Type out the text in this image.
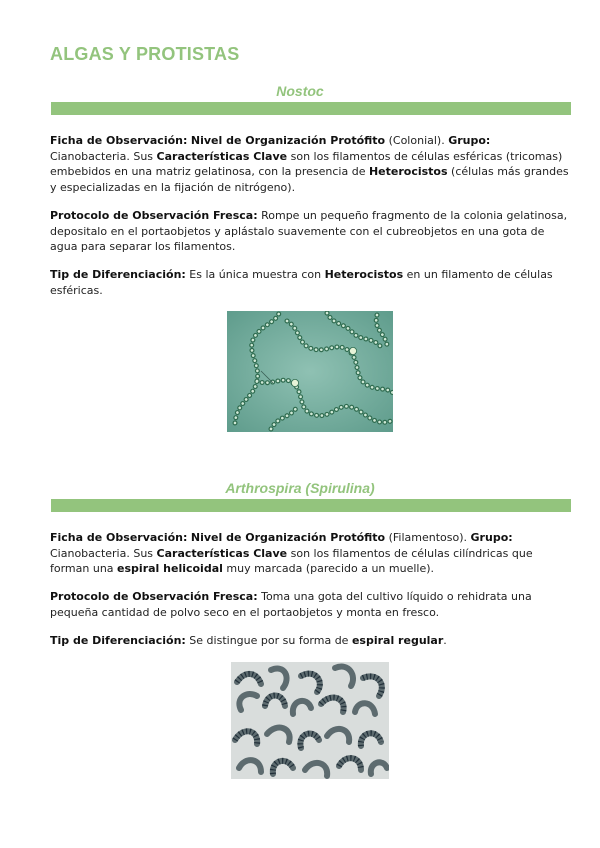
ALGAS Y PROTISTAS
Nostoc

Ficha de Observación: Nivel de Organización Protófito (Colonial). Grupo: Cianobacteria. Sus Características Clave son los filamentos de células esféricas (tricomas) embebidos en una matriz gelatinosa, con la presencia de Heterocistos (células más grandes y especializadas en la fijación de nitrógeno).

Protocolo de Observación Fresca: Rompe un pequeño fragmento de la colonia gelatinosa, depositalo en el portaobjetos y aplástalo suavemente con el cubreobjetos en una gota de agua para separar los filamentos.

Tip de Diferenciación: Es la única muestra con Heterocistos en un filamento de células esféricas.

Arthrospira (Spirulina)

Ficha de Observación: Nivel de Organización Protófito (Filamentoso). Grupo: Cianobacteria. Sus Características Clave son los filamentos de células cilíndricas que forman una espiral helicoidal muy marcada (parecido a un muelle).

Protocolo de Observación Fresca: Toma una gota del cultivo líquido o rehidrata una pequeña cantidad de polvo seco en el portaobjetos y monta en fresco.

Tip de Diferenciación: Se distingue por su forma de espiral regular.
